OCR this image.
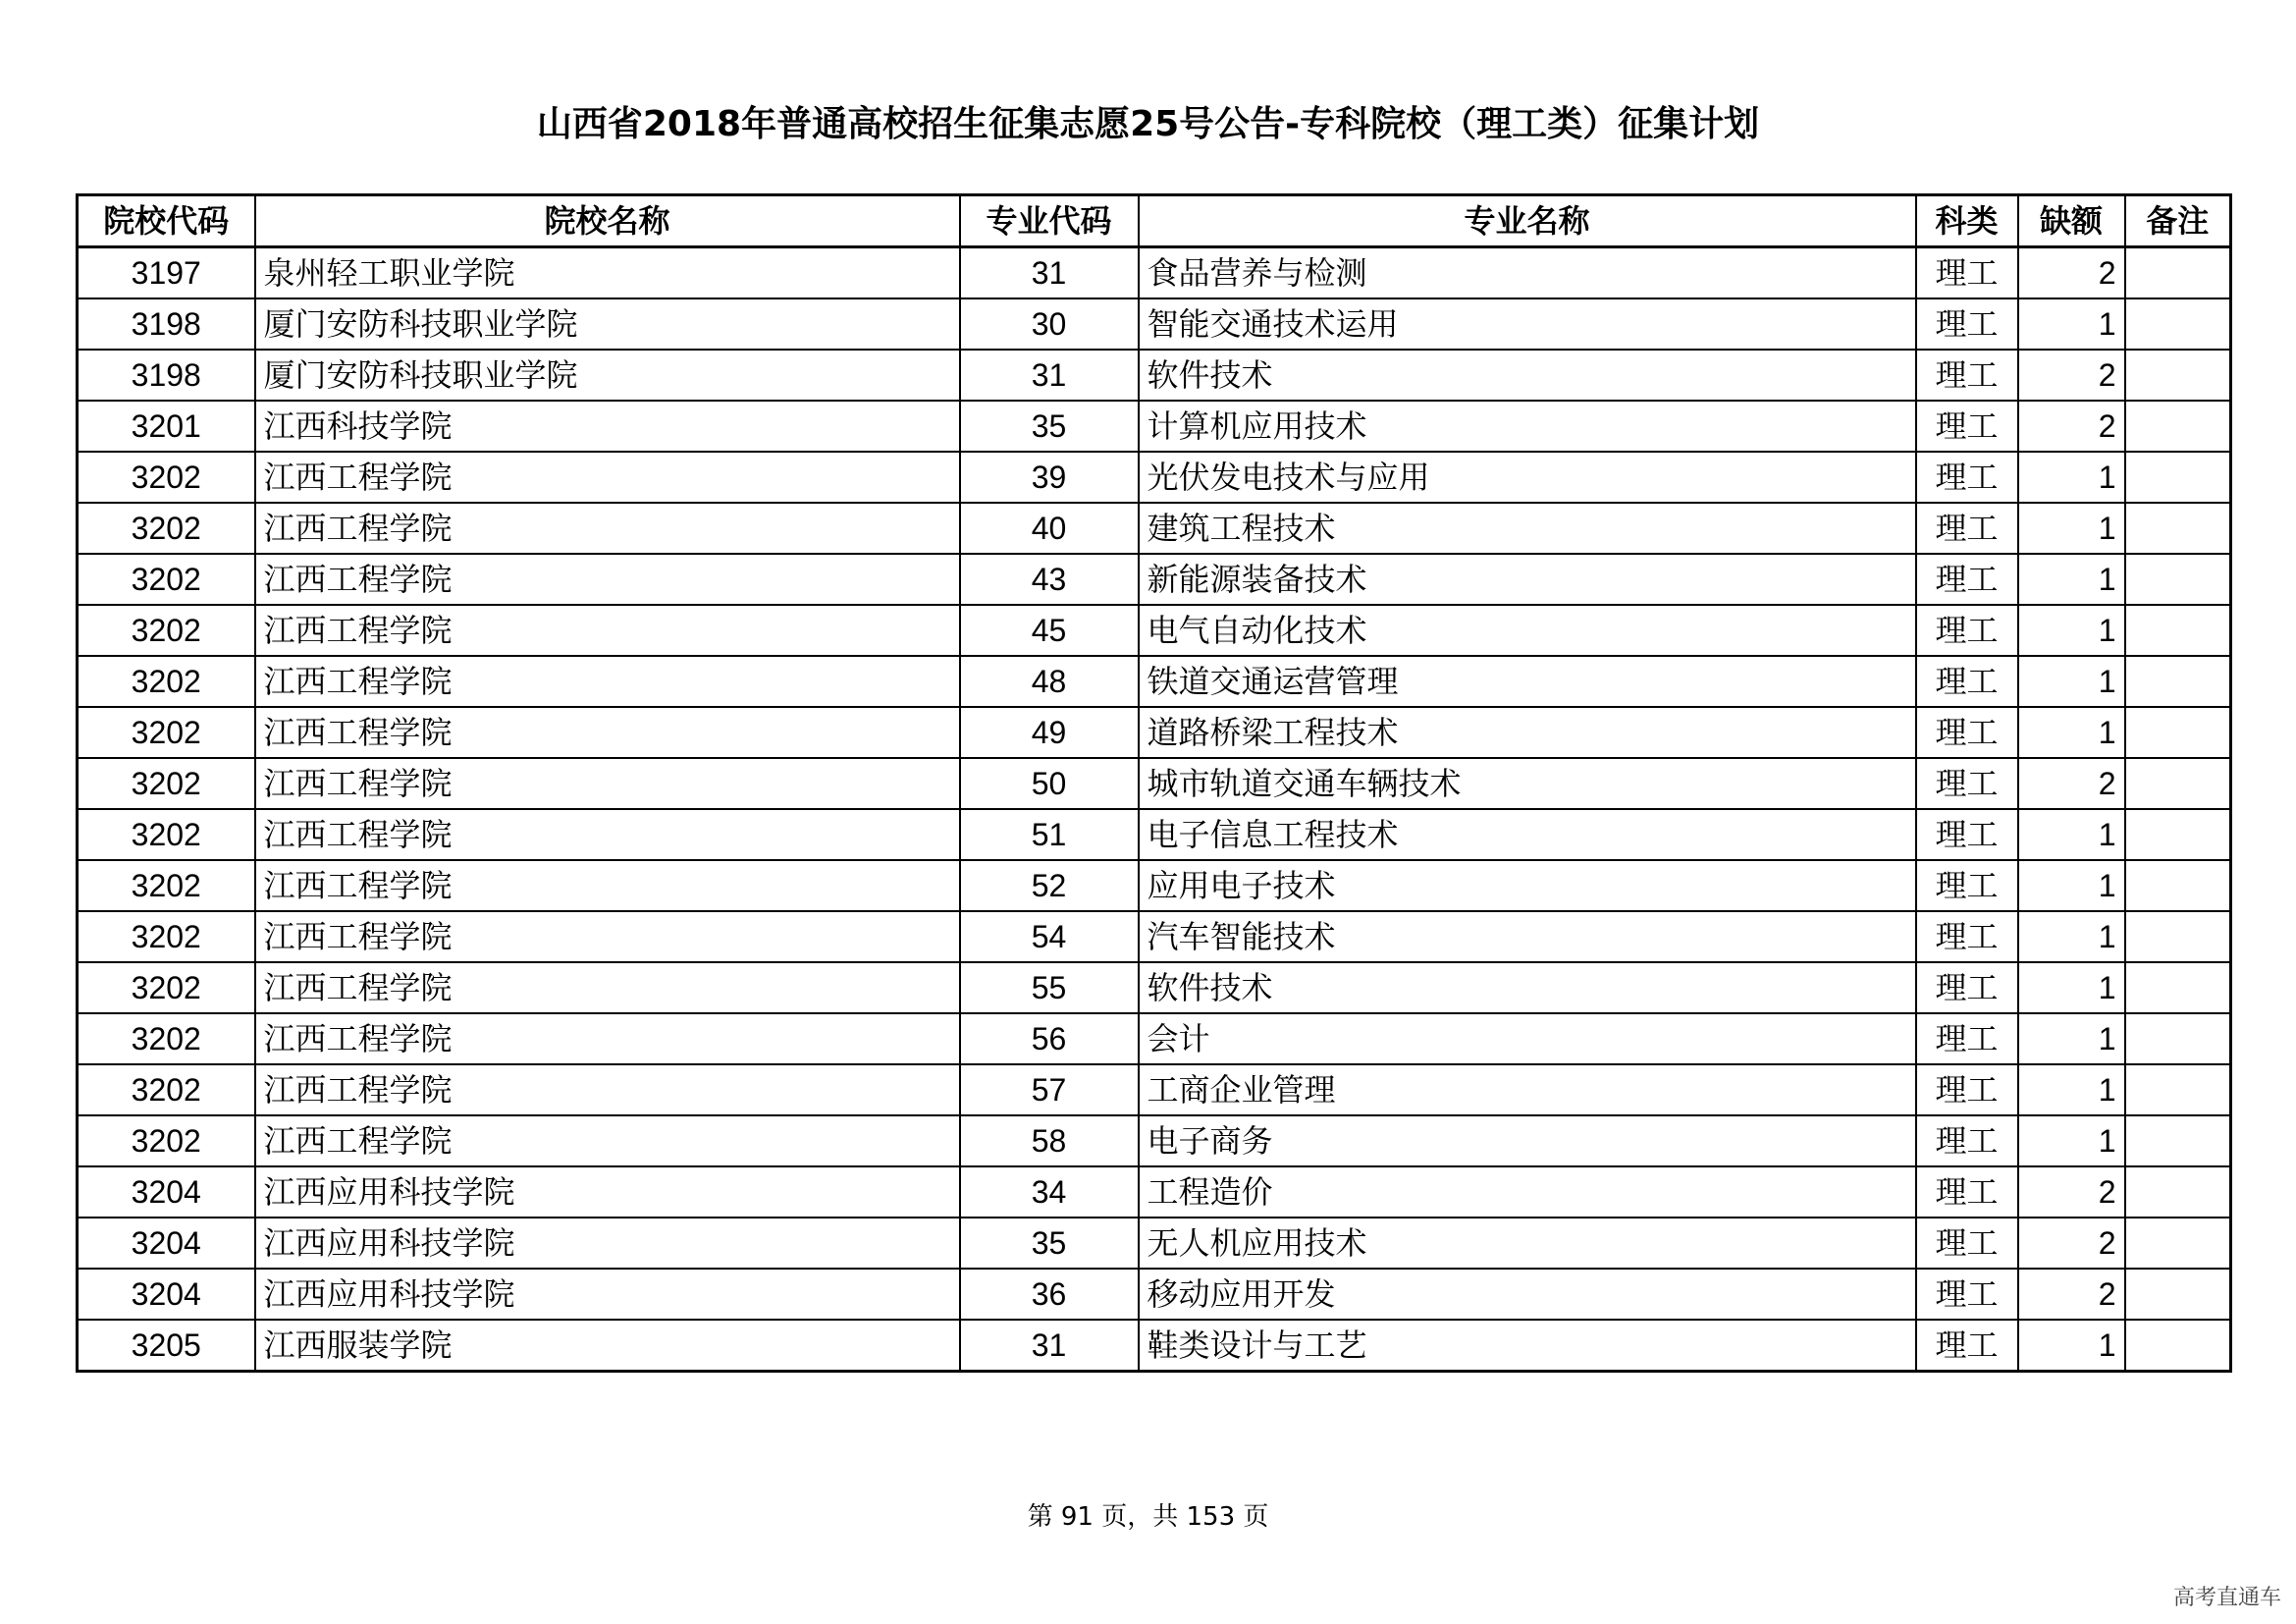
山西省2018年普通高校招生征集志愿25号公告-专科院校（理工类）征集计划
院校代码	院校名称	专业代码	专业名称	科类	缺额	备注
3197	泉州轻工职业学院	31	食品营养与检测	理工	2	
3198	厦门安防科技职业学院	30	智能交通技术运用	理工	1	
3198	厦门安防科技职业学院	31	软件技术	理工	2	
3201	江西科技学院	35	计算机应用技术	理工	2	
3202	江西工程学院	39	光伏发电技术与应用	理工	1	
3202	江西工程学院	40	建筑工程技术	理工	1	
3202	江西工程学院	43	新能源装备技术	理工	1	
3202	江西工程学院	45	电气自动化技术	理工	1	
3202	江西工程学院	48	铁道交通运营管理	理工	1	
3202	江西工程学院	49	道路桥梁工程技术	理工	1	
3202	江西工程学院	50	城市轨道交通车辆技术	理工	2	
3202	江西工程学院	51	电子信息工程技术	理工	1	
3202	江西工程学院	52	应用电子技术	理工	1	
3202	江西工程学院	54	汽车智能技术	理工	1	
3202	江西工程学院	55	软件技术	理工	1	
3202	江西工程学院	56	会计	理工	1	
3202	江西工程学院	57	工商企业管理	理工	1	
3202	江西工程学院	58	电子商务	理工	1	
3204	江西应用科技学院	34	工程造价	理工	2	
3204	江西应用科技学院	35	无人机应用技术	理工	2	
3204	江西应用科技学院	36	移动应用开发	理工	2	
3205	江西服装学院	31	鞋类设计与工艺	理工	1	
第 91 页，共 153 页
高考直通车
